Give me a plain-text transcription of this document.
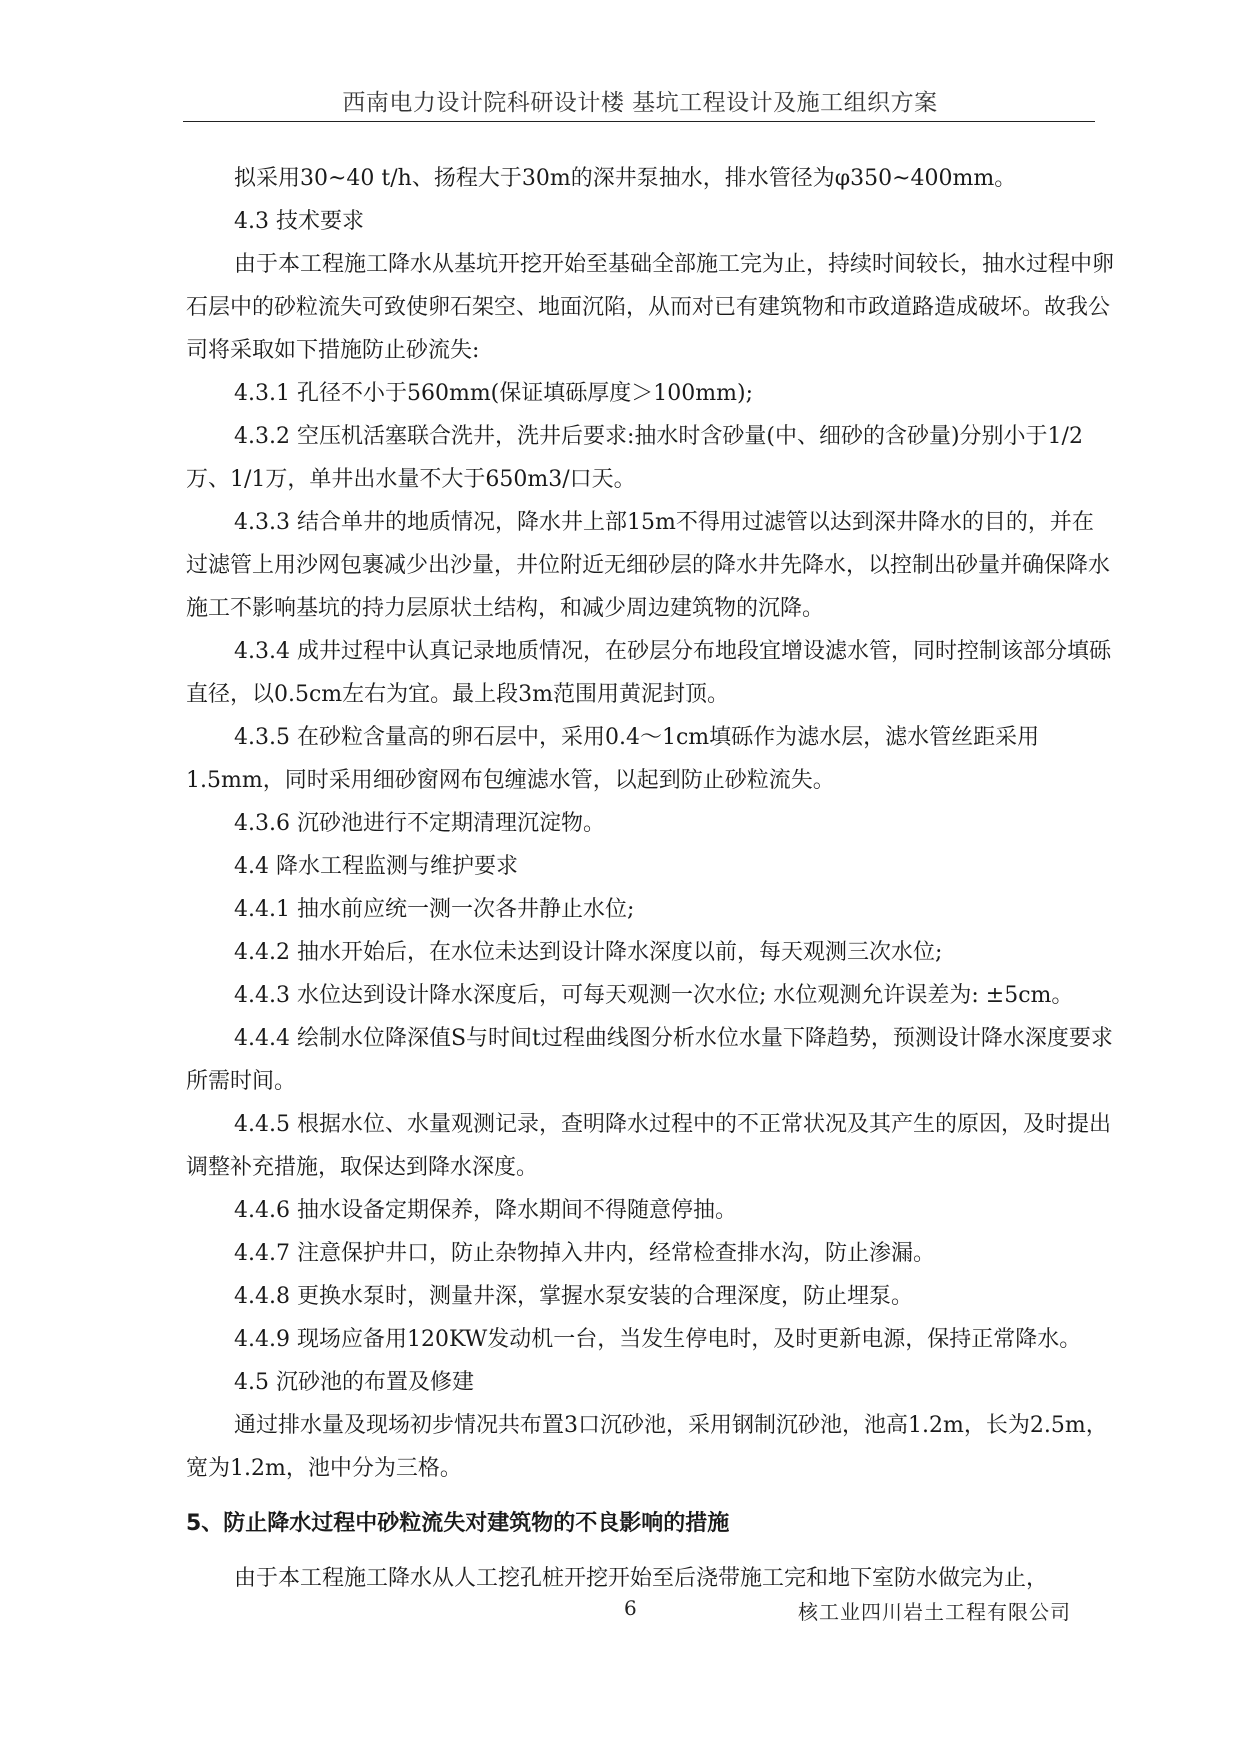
西南电力设计院科研设计楼 基坑工程设计及施工组织方案

拟采用30~40 t/h、扬程大于30m的深井泵抽水，排水管径为φ350~400mm。

4.3 技术要求

由于本工程施工降水从基坑开挖开始至基础全部施工完为止，持续时间较长，抽水过程中卵石层中的砂粒流失可致使卵石架空、地面沉陷，从而对已有建筑物和市政道路造成破坏。故我公司将采取如下措施防止砂流失:

4.3.1 孔径不小于560mm(保证填砾厚度＞100mm);

4.3.2 空压机活塞联合洗井，洗井后要求:抽水时含砂量(中、细砂的含砂量)分别小于1/2万、1/1万，单井出水量不大于650m3/口天。

4.3.3 结合单井的地质情况，降水井上部15m不得用过滤管以达到深井降水的目的，并在过滤管上用沙网包裹减少出沙量，井位附近无细砂层的降水井先降水，以控制出砂量并确保降水施工不影响基坑的持力层原状土结构，和减少周边建筑物的沉降。

4.3.4 成井过程中认真记录地质情况，在砂层分布地段宜增设滤水管，同时控制该部分填砾直径，以0.5cm左右为宜。最上段3m范围用黄泥封顶。

4.3.5 在砂粒含量高的卵石层中，采用0.4～1cm填砾作为滤水层，滤水管丝距采用1.5mm，同时采用细砂窗网布包缠滤水管，以起到防止砂粒流失。

4.3.6 沉砂池进行不定期清理沉淀物。

4.4 降水工程监测与维护要求

4.4.1 抽水前应统一测一次各井静止水位;

4.4.2 抽水开始后，在水位未达到设计降水深度以前，每天观测三次水位;

4.4.3 水位达到设计降水深度后，可每天观测一次水位; 水位观测允许误差为: ±5cm。

4.4.4 绘制水位降深值S与时间t过程曲线图分析水位水量下降趋势，预测设计降水深度要求所需时间。

4.4.5 根据水位、水量观测记录，查明降水过程中的不正常状况及其产生的原因，及时提出调整补充措施，取保达到降水深度。

4.4.6 抽水设备定期保养，降水期间不得随意停抽。

4.4.7 注意保护井口，防止杂物掉入井内，经常检查排水沟，防止渗漏。

4.4.8 更换水泵时，测量井深，掌握水泵安装的合理深度，防止埋泵。

4.4.9 现场应备用120KW发动机一台，当发生停电时，及时更新电源，保持正常降水。

4.5 沉砂池的布置及修建

通过排水量及现场初步情况共布置3口沉砂池，采用钢制沉砂池，池高1.2m，长为2.5m，宽为1.2m，池中分为三格。

5、防止降水过程中砂粒流失对建筑物的不良影响的措施

由于本工程施工降水从人工挖孔桩开挖开始至后浇带施工完和地下室防水做完为止，

6	核工业四川岩土工程有限公司
